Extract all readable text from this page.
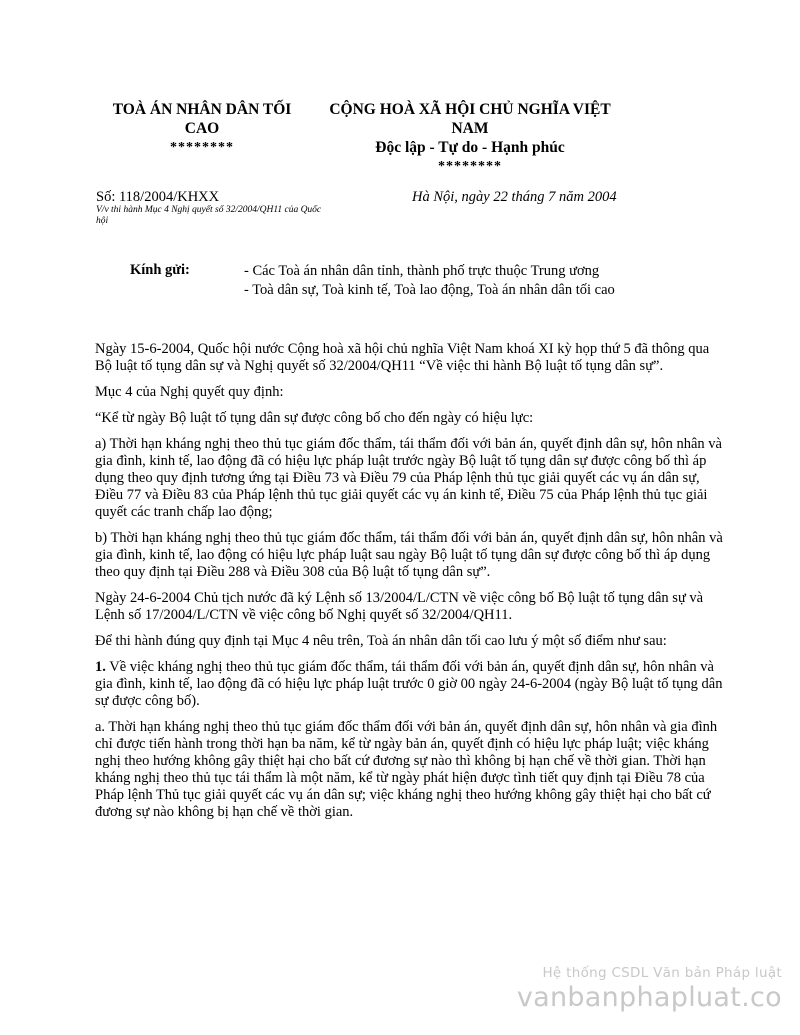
TOÀ ÁN NHÂN DÂN TỐI CAO
********
CỘNG HOÀ XÃ HỘI CHỦ NGHĨA VIỆT NAM
Độc lập - Tự do - Hạnh phúc
********
Số: 118/2004/KHXX
V/v thi hành Mục 4 Nghị quyết số 32/2004/QH11 của Quốc hội
Hà Nội, ngày 22 tháng 7 năm 2004
Kính gửi:	- Các Toà án nhân dân tỉnh, thành phố trực thuộc Trung ương
- Toà dân sự, Toà kinh tế, Toà lao động, Toà án nhân dân tối cao

Ngày 15-6-2004, Quốc hội nước Cộng hoà xã hội chủ nghĩa Việt Nam khoá XI kỳ họp thứ 5 đã thông qua Bộ luật tố tụng dân sự và Nghị quyết số 32/2004/QH11 “Về việc thi hành Bộ luật tố tụng dân sự”.

Mục 4 của Nghị quyết quy định:

“Kể từ ngày Bộ luật tố tụng dân sự được công bố cho đến ngày có hiệu lực:

a) Thời hạn kháng nghị theo thủ tục giám đốc thẩm, tái thẩm đối với bản án, quyết định dân sự, hôn nhân và gia đình, kinh tế, lao động đã có hiệu lực pháp luật trước ngày Bộ luật tố tụng dân sự được công bố thì áp dụng theo quy định tương ứng tại Điều 73 và Điều 79 của Pháp lệnh thủ tục giải quyết các vụ án dân sự, Điều 77 và Điều 83 của Pháp lệnh thủ tục giải quyết các vụ án kinh tế, Điều 75 của Pháp lệnh thủ tục giải quyết các tranh chấp lao động;

b) Thời hạn kháng nghị theo thủ tục giám đốc thẩm, tái thẩm đối với bản án, quyết định dân sự, hôn nhân và gia đình, kinh tế, lao động có hiệu lực pháp luật sau ngày Bộ luật tố tụng dân sự được công bố thì áp dụng theo quy định tại Điều 288 và Điều 308 của Bộ luật tố tụng dân sự”.

Ngày 24-6-2004 Chủ tịch nước đã ký Lệnh số 13/2004/L/CTN về việc công bố Bộ luật tố tụng dân sự và Lệnh số 17/2004/L/CTN về việc công bố Nghị quyết số 32/2004/QH11.

Để thi hành đúng quy định tại Mục 4 nêu trên, Toà án nhân dân tối cao lưu ý một số điểm như sau:

1. Về việc kháng nghị theo thủ tục giám đốc thẩm, tái thẩm đối với bản án, quyết định dân sự, hôn nhân và gia đình, kinh tế, lao động đã có hiệu lực pháp luật trước 0 giờ 00 ngày 24-6-2004 (ngày Bộ luật tố tụng dân sự được công bố).

a. Thời hạn kháng nghị theo thủ tục giám đốc thẩm đối với bản án, quyết định dân sự, hôn nhân và gia đình chỉ được tiến hành trong thời hạn ba năm, kể từ ngày bản án, quyết định có hiệu lực pháp luật; việc kháng nghị theo hướng không gây thiệt hại cho bất cứ đương sự nào thì không bị hạn chế về thời gian. Thời hạn kháng nghị theo thủ tục tái thẩm là một năm, kể từ ngày phát hiện được tình tiết quy định tại Điều 78 của Pháp lệnh Thủ tục giải quyết các vụ án dân sự; việc kháng nghị theo hướng không gây thiệt hại cho bất cứ đương sự nào không bị hạn chế về thời gian.

Hệ thống CSDL Văn bản Pháp luật
vanbanphapluat.co
